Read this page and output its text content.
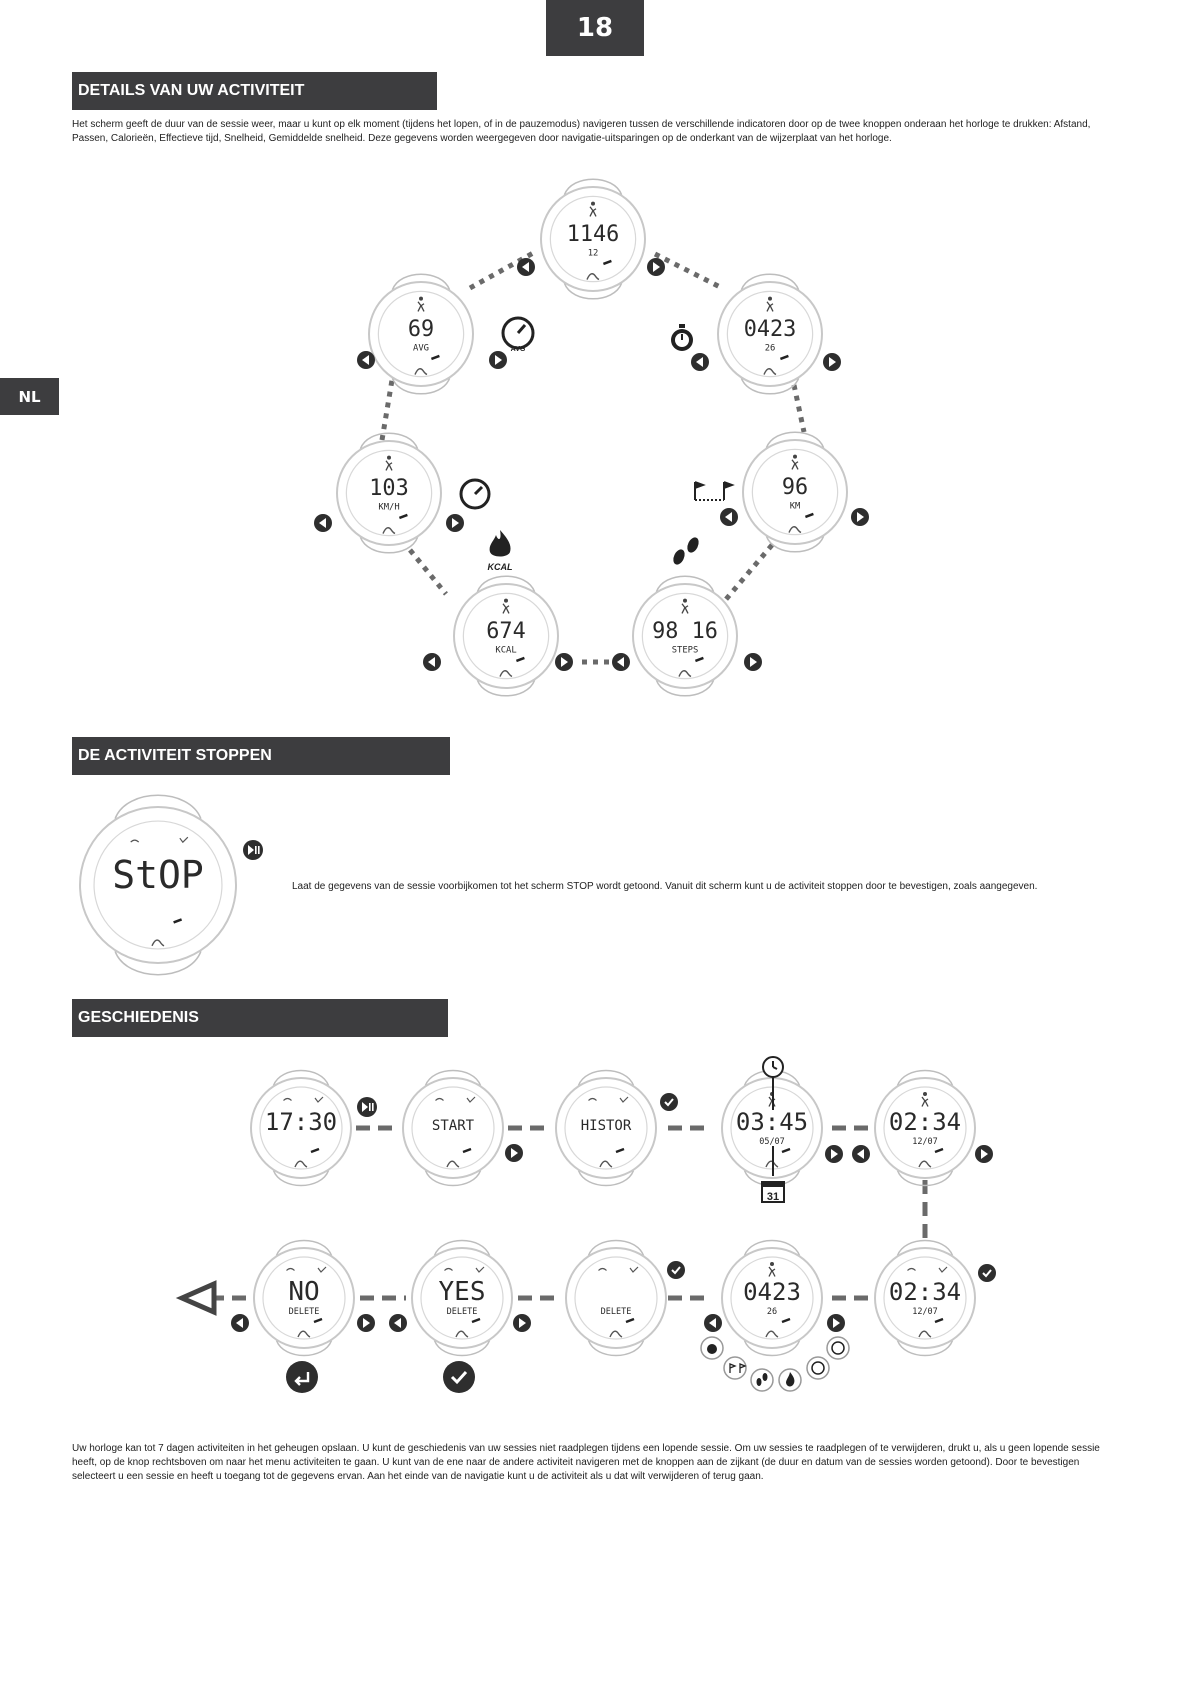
18
NL
DETAILS VAN UW ACTIVITEIT

Het scherm geeft de duur van de sessie weer, maar u kunt op elk moment (tijdens het lopen, of in de pauzemodus) navigeren tussen de verschillende indicatoren door op de twee knoppen onderaan het horloge te drukken: Afstand, Passen, Calorieën, Effectieve tijd, Snelheid, Gemiddelde snelheid. Deze gegevens worden weergegeven door navigatie-uitsparingen op de onderkant van de wijzerplaat van het horloge.

DE ACTIVITEIT STOPPEN

Laat de gegevens van de sessie voorbijkomen tot het scherm STOP wordt getoond. Vanuit dit scherm kunt u de activiteit stoppen door te bevestigen, zoals aangegeven.

GESCHIEDENIS

Uw horloge kan tot 7 dagen activiteiten in het geheugen opslaan. U kunt de geschiedenis van uw sessies niet raadplegen tijdens een lopende sessie. Om uw sessies te raadplegen of te verwijderen, drukt u, als u geen lopende sessie heeft, op de knop rechtsboven om naar het menu activiteiten te gaan. U kunt van de ene naar de andere activiteit navigeren met de knoppen aan de zijkant (de duur en datum van de sessies worden getoond). Door te bevestigen selecteert u een sessie en heeft u toegang tot de gegevens ervan. Aan het einde van de navigatie kunt u de activiteit als u dat wilt verwijderen of terug gaan.

1146
12
0423
26
96
KM
98 16
STEPS
674
KCAL
103
KM/H
69
AVG
StOP
17:30	START	HISTOR	03:45
05/07
02:34
12/07
02:34
12/07
0423
26
DELETE
YES
DELETE
NO
DELETE
AVG
KCAL
31
